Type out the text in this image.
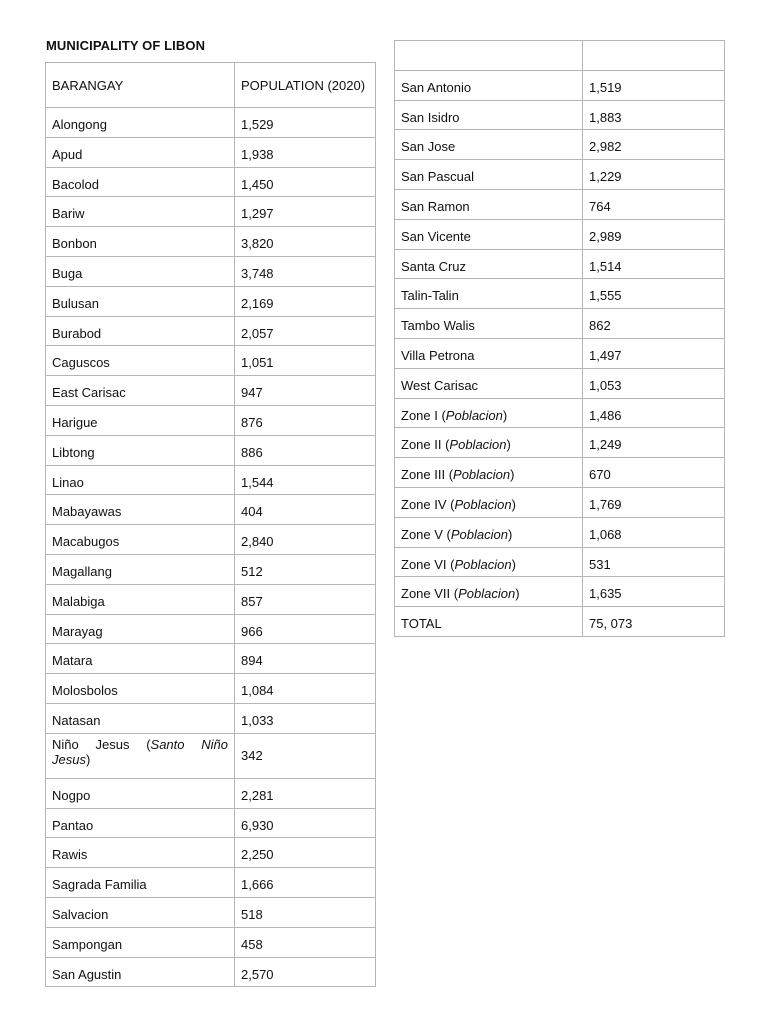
MUNICIPALITY OF LIBON
BARANGAY	POPULATION (2020)
Alongong	1,529
Apud	1,938
Bacolod	1,450
Bariw	1,297
Bonbon	3,820
Buga	3,748
Bulusan	2,169
Burabod	2,057
Caguscos	1,051
East Carisac	947
Harigue	876
Libtong	886
Linao	1,544
Mabayawas	404
Macabugos	2,840
Magallang	512
Malabiga	857
Marayag	966
Matara	894
Molosbolos	1,084
Natasan	1,033
Niño Jesus (Santo Niño Jesus)	342
Nogpo	2,281
Pantao	6,930
Rawis	2,250
Sagrada Familia	1,666
Salvacion	518
Sampongan	458
San Agustin	2,570

San Antonio	1,519
San Isidro	1,883
San Jose	2,982
San Pascual	1,229
San Ramon	764
San Vicente	2,989
Santa Cruz	1,514
Talin-Talin	1,555
Tambo Walis	862
Villa Petrona	1,497
West Carisac	1,053
Zone I (Poblacion)	1,486
Zone II (Poblacion)	1,249
Zone III (Poblacion)	670
Zone IV (Poblacion)	1,769
Zone V (Poblacion)	1,068
Zone VI (Poblacion)	531
Zone VII (Poblacion)	1,635
TOTAL	75, 073
